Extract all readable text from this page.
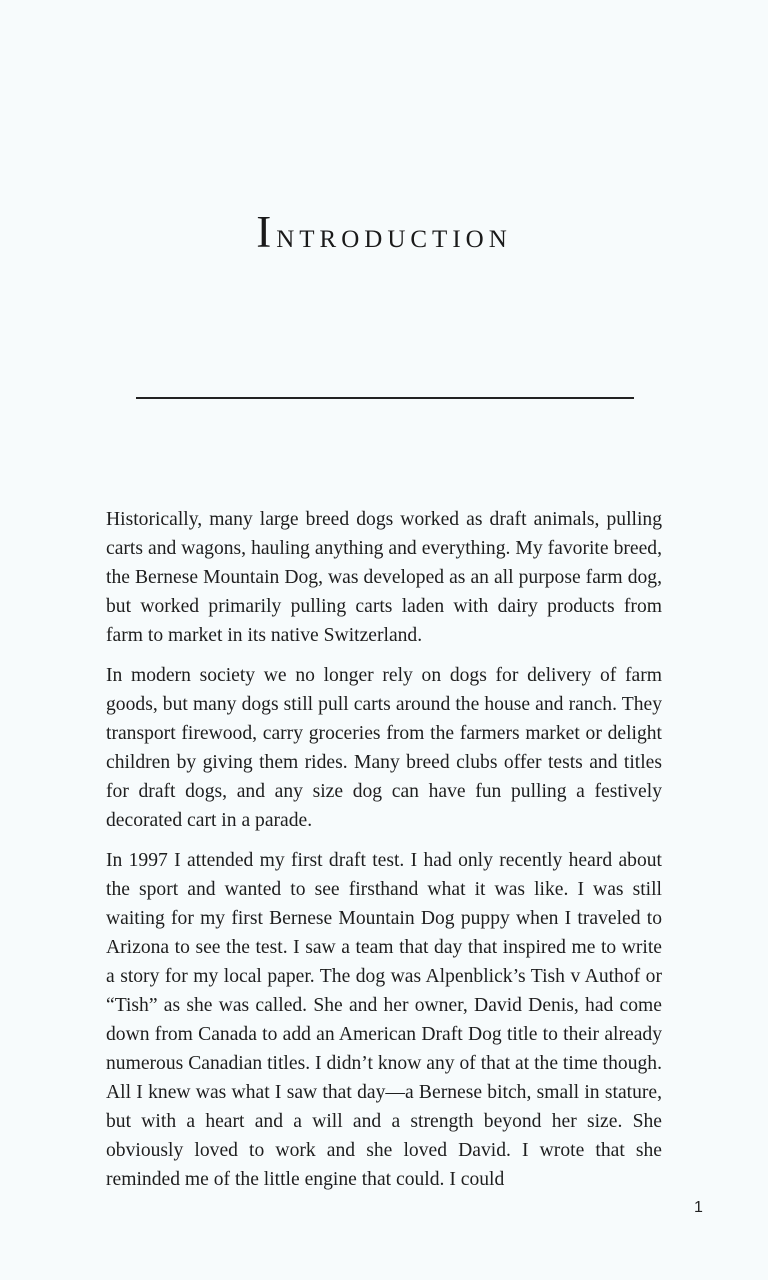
Introduction

Historically, many large breed dogs worked as draft animals, pulling carts and wagons, hauling anything and everything. My favorite breed, the Bernese Mountain Dog, was developed as an all purpose farm dog, but worked primarily pulling carts laden with dairy products from farm to market in its native Switzerland.

In modern society we no longer rely on dogs for delivery of farm goods, but many dogs still pull carts around the house and ranch. They transport firewood, carry groceries from the farmers market or delight children by giving them rides. Many breed clubs offer tests and titles for draft dogs, and any size dog can have fun pulling a festively decorated cart in a parade.

In 1997 I attended my first draft test. I had only recently heard about the sport and wanted to see firsthand what it was like. I was still waiting for my first Bernese Mountain Dog puppy when I traveled to Arizona to see the test. I saw a team that day that inspired me to write a story for my local paper. The dog was Alpenblick’s Tish v Authof or “Tish” as she was called. She and her owner, David Denis, had come down from Canada to add an American Draft Dog title to their already numerous Canadian titles. I didn’t know any of that at the time though. All I knew was what I saw that day—a Bernese bitch, small in stature, but with a heart and a will and a strength beyond her size. She obviously loved to work and she loved David. I wrote that she reminded me of the little engine that could. I could

1
